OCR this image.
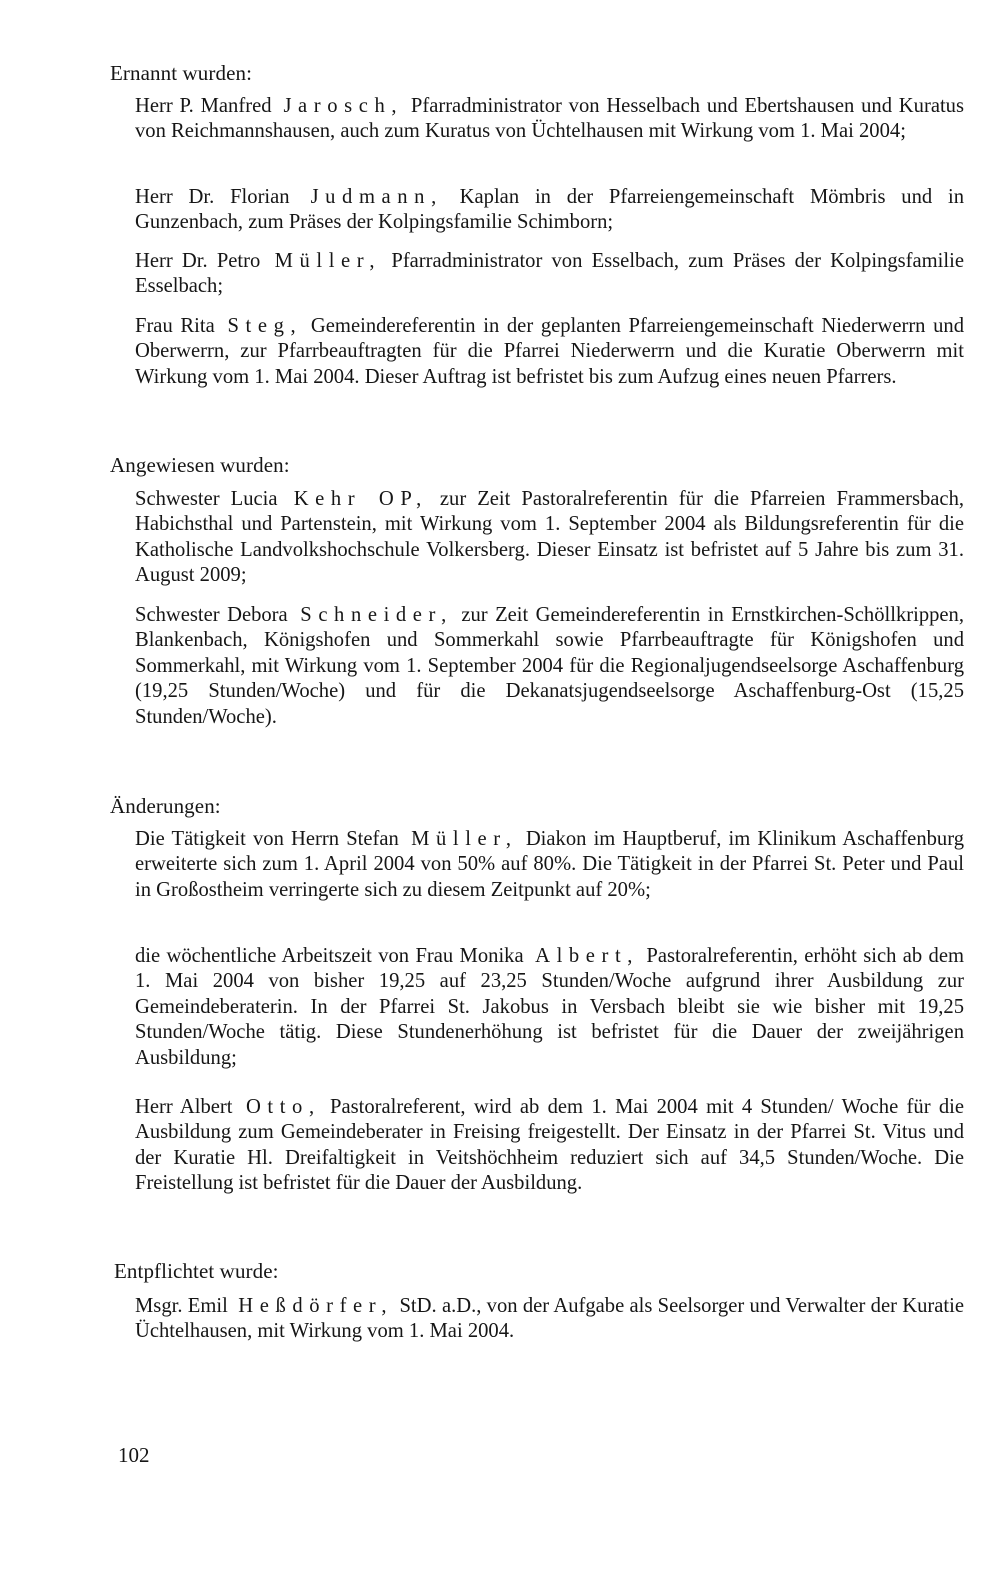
Ernannt wurden:

Herr P. Manfred Jarosch, Pfarradministrator von Hesselbach und Ebertshausen und Kuratus von Reichmannshausen, auch zum Kuratus von Üchtelhausen mit Wirkung vom 1. Mai 2004;

Herr Dr. Florian Judmann, Kaplan in der Pfarreiengemeinschaft Mömbris und in Gunzenbach, zum Präses der Kolpingsfamilie Schimborn;

Herr Dr. Petro Müller, Pfarradministrator von Esselbach, zum Präses der Kolpingsfamilie Esselbach;

Frau Rita Steg, Gemeindereferentin in der geplanten Pfarreiengemeinschaft Niederwerrn und Oberwerrn, zur Pfarrbeauftragten für die Pfarrei Niederwerrn und die Kuratie Oberwerrn mit Wirkung vom 1. Mai 2004. Dieser Auftrag ist befristet bis zum Aufzug eines neuen Pfarrers.

Angewiesen wurden:

Schwester Lucia Kehr OP, zur Zeit Pastoralreferentin für die Pfarreien Frammersbach, Habichsthal und Partenstein, mit Wirkung vom 1. September 2004 als Bildungsreferentin für die Katholische Landvolkshochschule Volkersberg. Dieser Einsatz ist befristet auf 5 Jahre bis zum 31. August 2009;

Schwester Debora Schneider, zur Zeit Gemeindereferentin in Ernstkirchen-Schöllkrippen, Blankenbach, Königshofen und Sommerkahl sowie Pfarrbeauftragte für Königshofen und Sommerkahl, mit Wirkung vom 1. September 2004 für die Regionaljugendseelsorge Aschaffenburg (19,25 Stunden/Woche) und für die Dekanatsjugendseelsorge Aschaffenburg-Ost (15,25 Stunden/Woche).

Änderungen:

Die Tätigkeit von Herrn Stefan Müller, Diakon im Hauptberuf, im Klinikum Aschaffenburg erweiterte sich zum 1. April 2004 von 50% auf 80%. Die Tätigkeit in der Pfarrei St. Peter und Paul in Großostheim verringerte sich zu diesem Zeitpunkt auf 20%;

die wöchentliche Arbeitszeit von Frau Monika Albert, Pastoralreferentin, erhöht sich ab dem 1. Mai 2004 von bisher 19,25 auf 23,25 Stunden/Woche aufgrund ihrer Ausbildung zur Gemeindeberaterin. In der Pfarrei St. Jakobus in Versbach bleibt sie wie bisher mit 19,25 Stunden/Woche tätig. Diese Stundenerhöhung ist befristet für die Dauer der zweijährigen Ausbildung;

Herr Albert Otto, Pastoralreferent, wird ab dem 1. Mai 2004 mit 4 Stunden/ Woche für die Ausbildung zum Gemeindeberater in Freising freigestellt. Der Einsatz in der Pfarrei St. Vitus und der Kuratie Hl. Dreifaltigkeit in Veitshöchheim reduziert sich auf 34,5 Stunden/Woche. Die Freistellung ist befristet für die Dauer der Ausbildung.

Entpflichtet wurde:

Msgr. Emil Heßdörfer, StD. a.D., von der Aufgabe als Seelsorger und Verwalter der Kuratie Üchtelhausen, mit Wirkung vom 1. Mai 2004.

102
